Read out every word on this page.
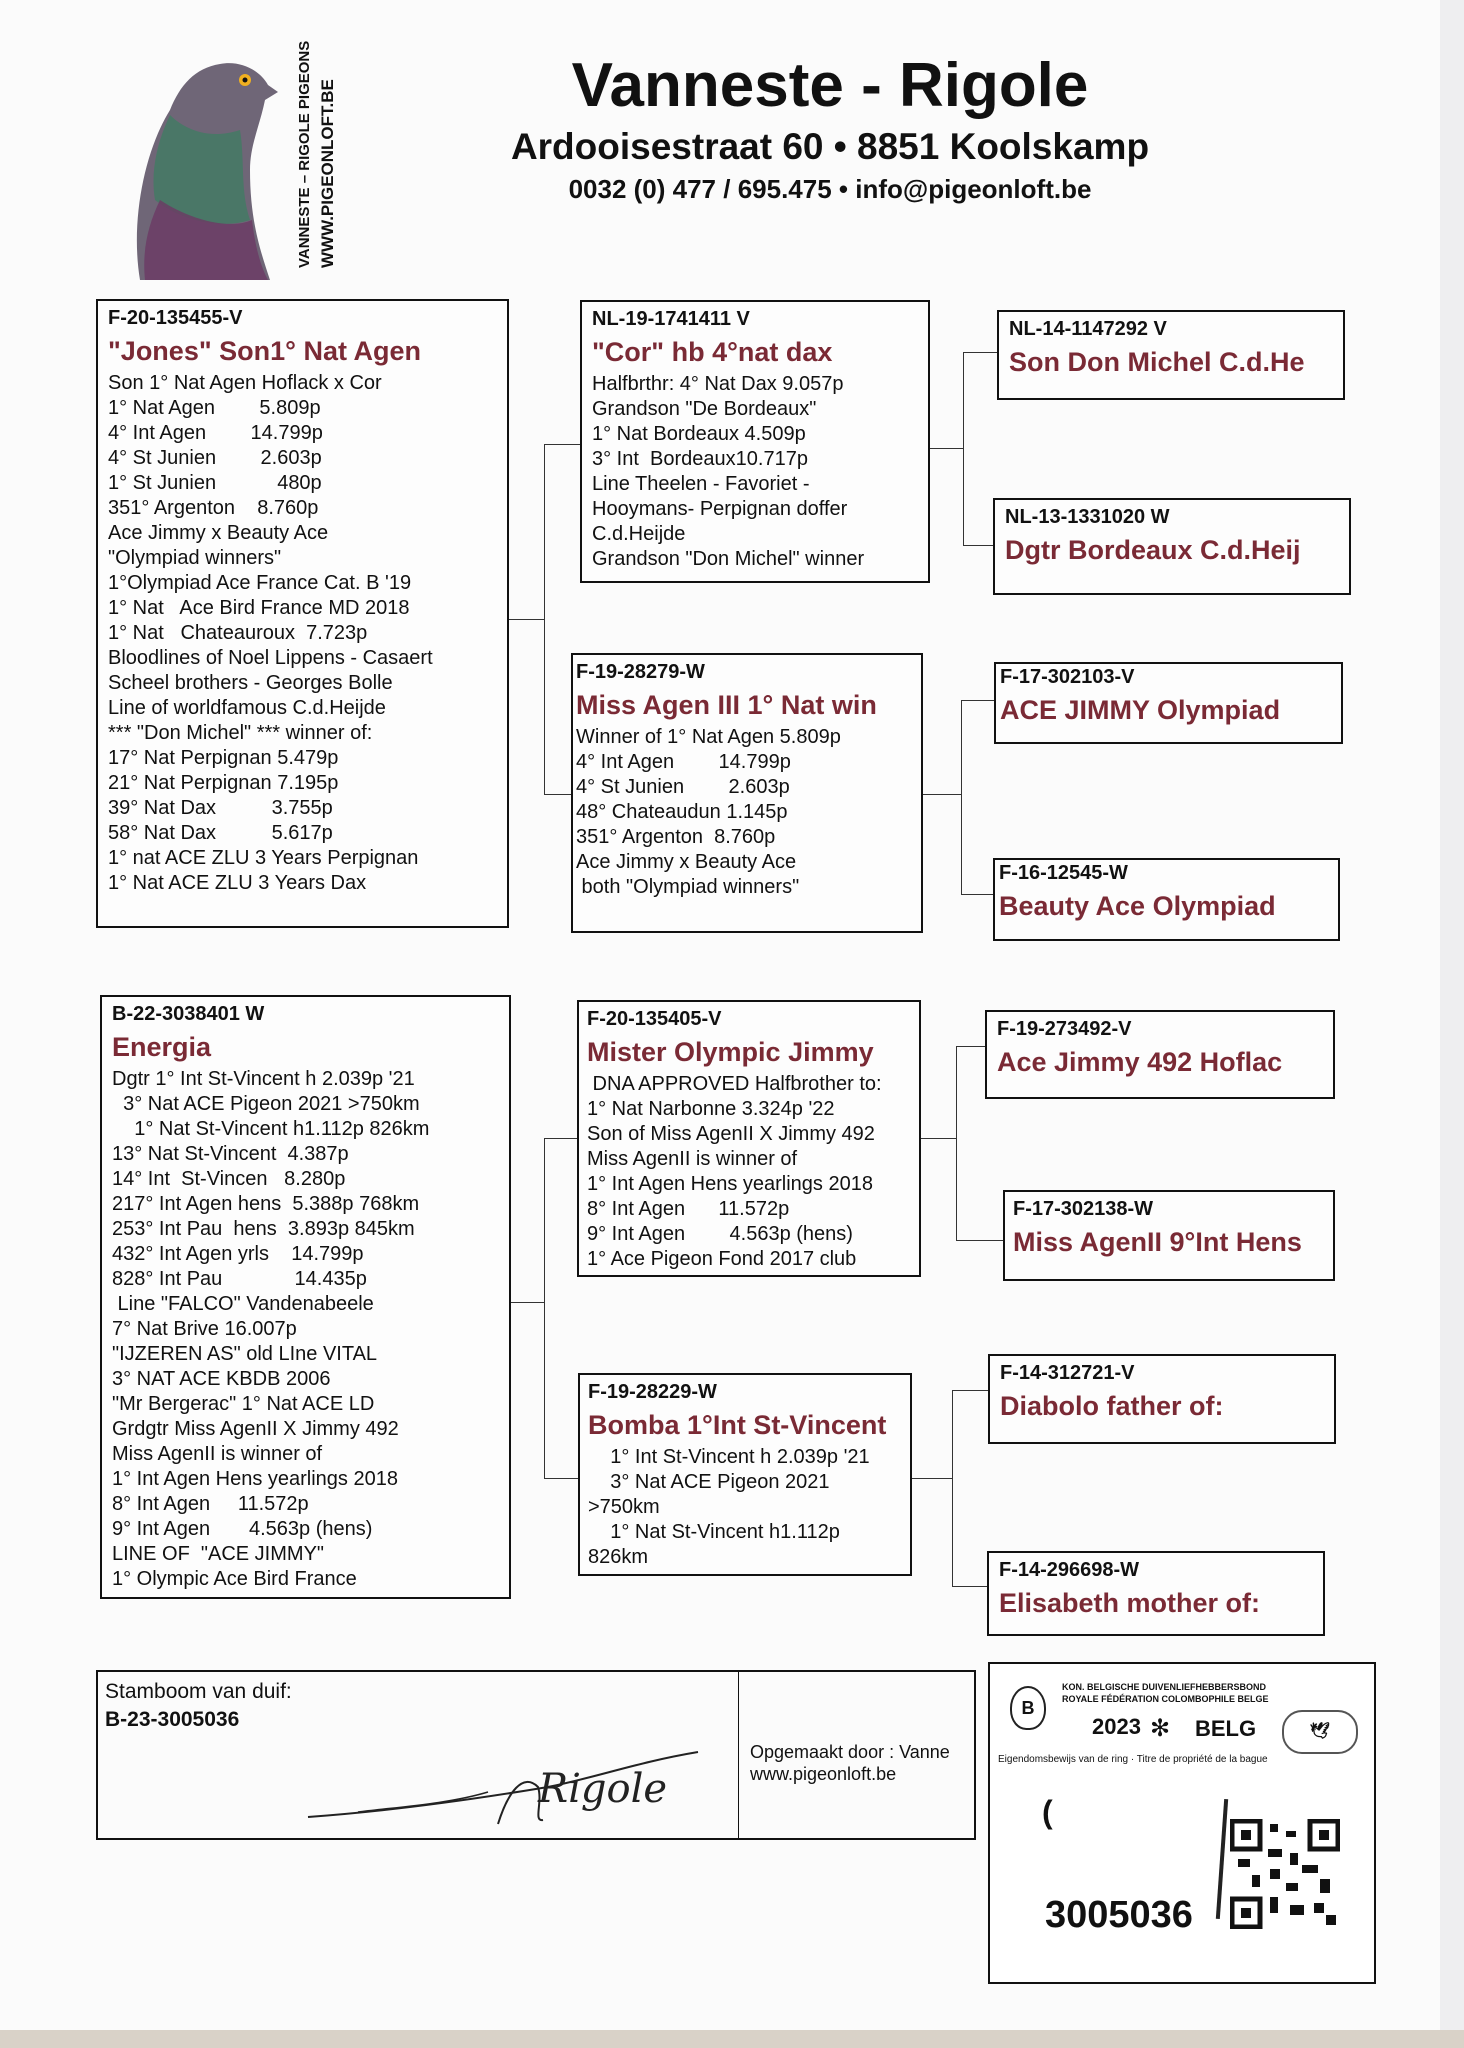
VANNESTE – RIGOLE PIGEONS WWW.PIGEONLOFT.BE	Vanneste - Rigole
Ardooisestraat 60 • 8851 Koolskamp
0032 (0) 477 / 695.475 • info@pigeonloft.be
F-20-135455-V
"Jones" Son1° Nat Agen
Son 1° Nat Agen Hoflack x Cor
1° Nat Agen        5.809p
4° Int Agen        14.799p
4° St Junien        2.603p
1° St Junien           480p
351° Argenton    8.760p
Ace Jimmy x Beauty Ace
"Olympiad winners"
1°Olympiad Ace France Cat. B '19
1° Nat   Ace Bird France MD 2018
1° Nat   Chateauroux  7.723p
Bloodlines of Noel Lippens - Casaert
Scheel brothers - Georges Bolle
Line of worldfamous C.d.Heijde
*** "Don Michel" *** winner of:
17° Nat Perpignan 5.479p
21° Nat Perpignan 7.195p
39° Nat Dax          3.755p
58° Nat Dax          5.617p
1° nat ACE ZLU 3 Years Perpignan
1° Nat ACE ZLU 3 Years Dax
B-22-3038401 W
Energia
Dgtr 1° Int St-Vincent h 2.039p '21
3° Nat ACE Pigeon 2021 >750km
1° Nat St-Vincent h1.112p 826km
13° Nat St-Vincent  4.387p
14° Int  St-Vincen   8.280p
217° Int Agen hens  5.388p 768km
253° Int Pau  hens  3.893p 845km
432° Int Agen yrls    14.799p
828° Int Pau             14.435p
Line "FALCO" Vandenabeele
7° Nat Brive 16.007p
"IJZEREN AS" old LIne VITAL
3° NAT ACE KBDB 2006
"Mr Bergerac" 1° Nat ACE LD
Grdgtr Miss AgenII X Jimmy 492
Miss AgenII is winner of
1° Int Agen Hens yearlings 2018
8° Int Agen     11.572p
9° Int Agen       4.563p (hens)
LINE OF  "ACE JIMMY"
1° Olympic Ace Bird France
NL-19-1741411 V
"Cor" hb 4°nat dax
Halfbrthr: 4° Nat Dax 9.057p
Grandson "De Bordeaux"
1° Nat Bordeaux 4.509p
3° Int  Bordeaux10.717p
Line Theelen - Favoriet -
Hooymans- Perpignan doffer
C.d.Heijde
Grandson "Don Michel" winner
F-19-28279-W
Miss Agen III 1° Nat win
Winner of 1° Nat Agen 5.809p
4° Int Agen        14.799p
4° St Junien        2.603p
48° Chateaudun 1.145p
351° Argenton  8.760p
Ace Jimmy x Beauty Ace
both "Olympiad winners"
F-20-135405-V
Mister Olympic Jimmy
DNA APPROVED Halfbrother to:
1° Nat Narbonne 3.324p '22
Son of Miss AgenII X Jimmy 492
Miss AgenII is winner of
1° Int Agen Hens yearlings 2018
8° Int Agen      11.572p
9° Int Agen        4.563p (hens)
1° Ace Pigeon Fond 2017 club
F-19-28229-W
Bomba 1°Int St-Vincent
1° Int St-Vincent h 2.039p '21
3° Nat ACE Pigeon 2021
>750km
1° Nat St-Vincent h1.112p
826km
NL-14-1147292 V
Son Don Michel C.d.He
NL-13-1331020 W
Dgtr Bordeaux C.d.Heij
F-17-302103-V
ACE JIMMY Olympiad
F-16-12545-W
Beauty Ace Olympiad
F-19-273492-V
Ace Jimmy 492 Hoflac
F-17-302138-W
Miss AgenII 9°Int Hens
F-14-312721-V
Diabolo father of:
F-14-296698-W
Elisabeth mother of:
Stamboom van duif:
B-23-3005036
Opgemaakt door : Vanne
www.pigeonloft.be
Rigole
B
KON. BELGISCHE DUIVENLIEFHEBBERSBOND
ROYALE FÉDÉRATION COLOMBOPHILE BELGE
2023 ✻ BELG	🕊
Eigendomsbewijs van de ring · Titre de propriété de la bague
(
3005036
